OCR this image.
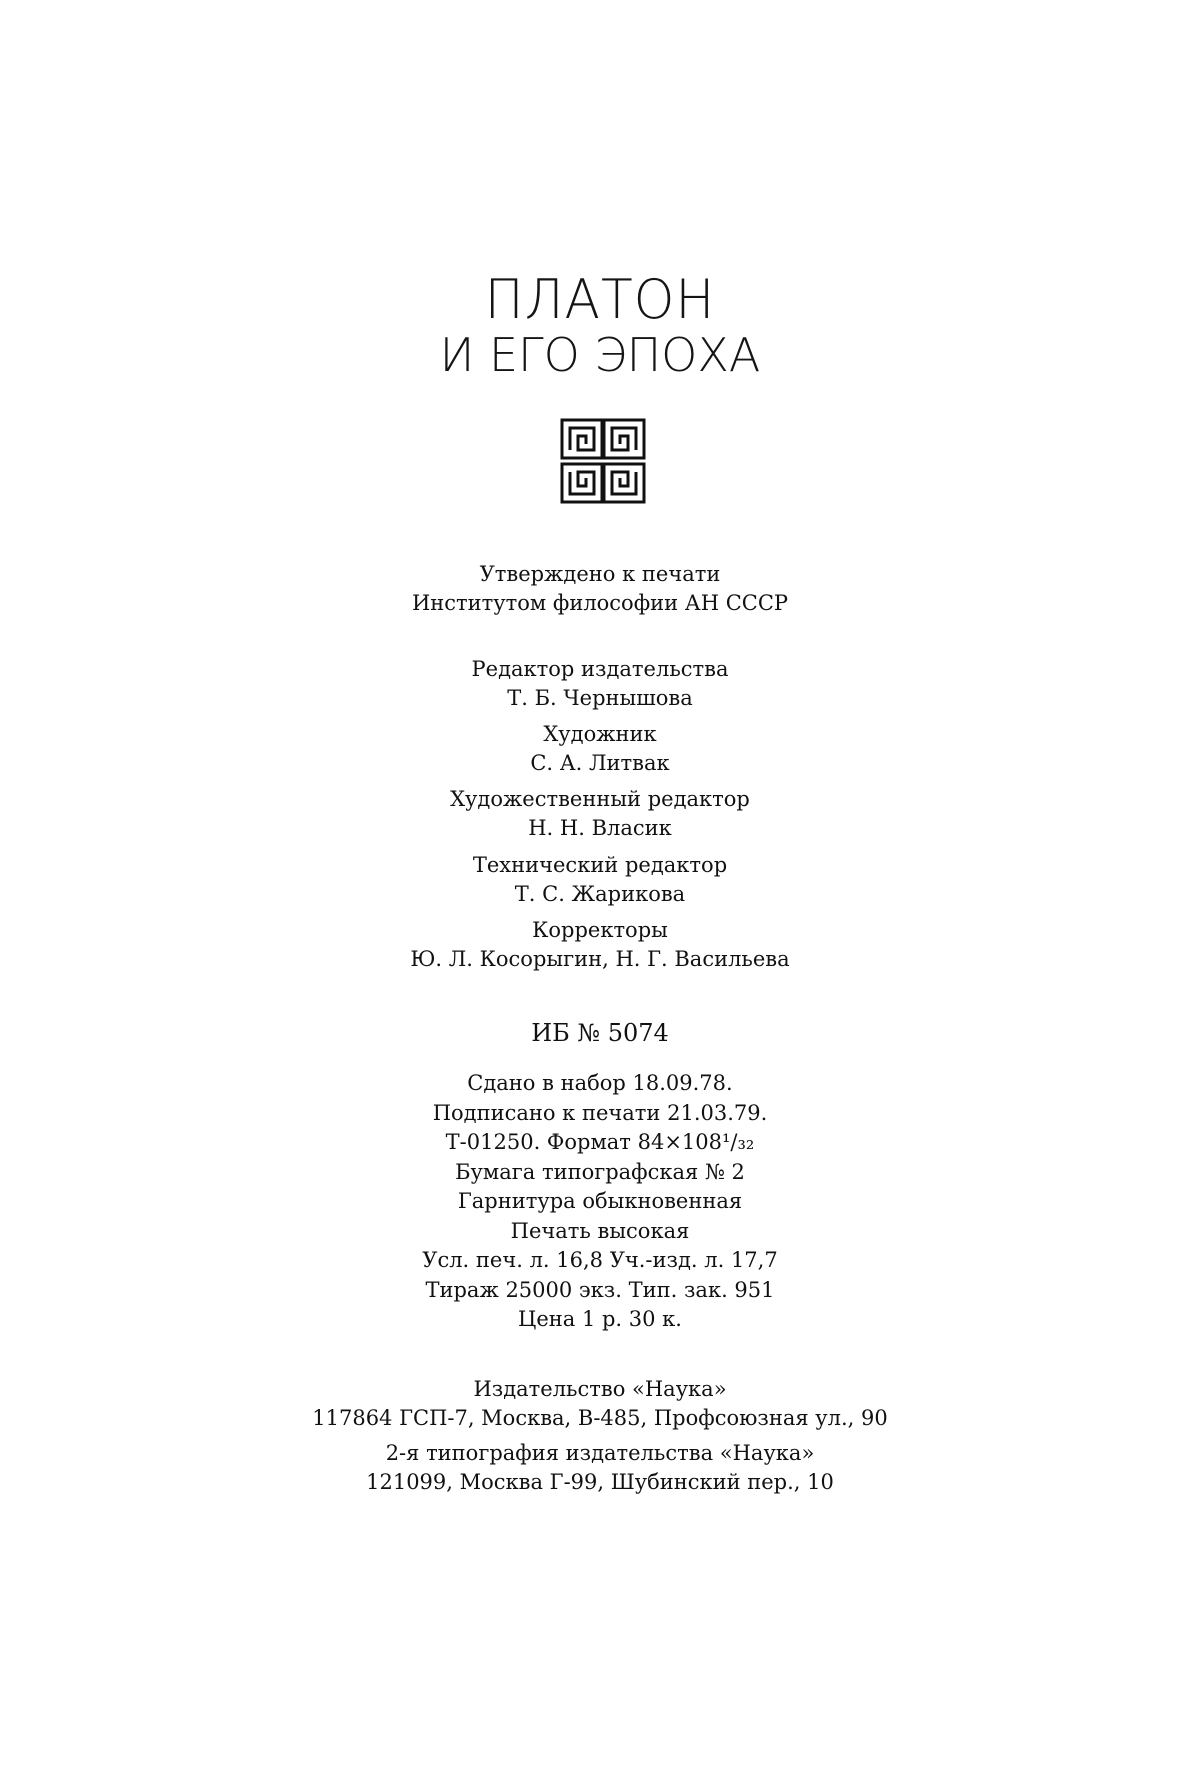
ПЛАТОН
И ЕГО ЭПОХА
Утверждено к печати
Институтом философии АН СССР
Редактор издательства
Т. Б. Чернышова
Художник
С. А. Литвак
Художественный редактор
Н. Н. Власик
Технический редактор
Т. С. Жарикова
Корректоры
Ю. Л. Косорыгин, Н. Г. Васильева
ИБ № 5074
Сдано в набор 18.09.78.
Подписано к печати 21.03.79.
Т-01250. Формат 84×108¹/₃₂
Бумага типографская № 2
Гарнитура обыкновенная
Печать высокая
Усл. печ. л. 16,8 Уч.-изд. л. 17,7
Тираж 25000 экз. Тип. зак. 951
Цена 1 р. 30 к.
Издательство «Наука»
117864 ГСП-7, Москва, В-485, Профсоюзная ул., 90
2-я типография издательства «Наука»
121099, Москва Г-99, Шубинский пер., 10
